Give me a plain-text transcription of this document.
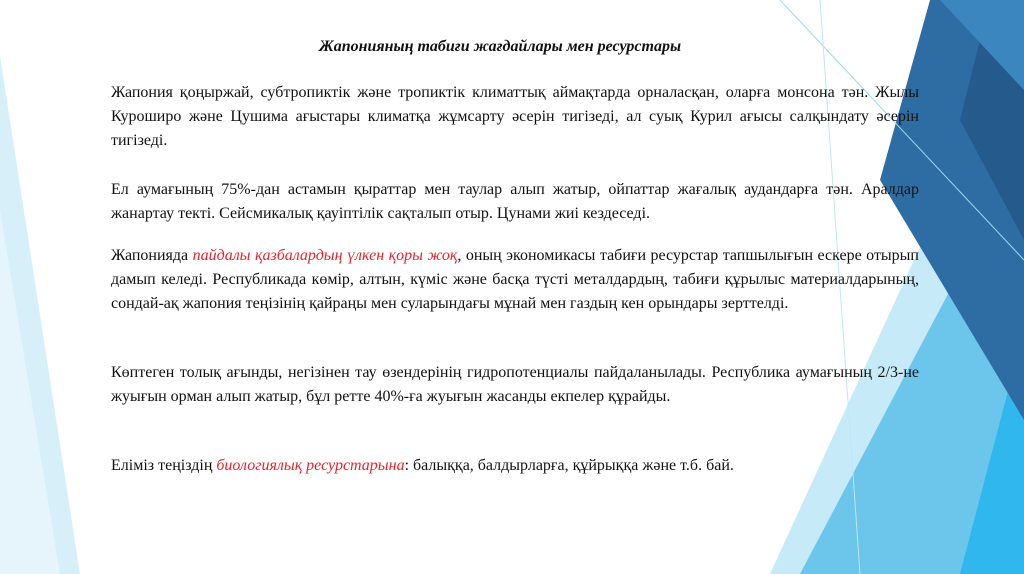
Жапонияның табиғи жағдайлары мен ресурстары

Жапония қоңыржай, субтропиктік және тропиктік климаттық аймақтарда орналасқан, оларға монсона тән. Жылы Куроширо және Цушима ағыстары климатқа жұмсарту әсерін тигізеді, ал суық Курил ағысы салқындату әсерін тигізеді.

Ел аумағының 75%-дан астамын қыраттар мен таулар алып жатыр, ойпаттар жағалық аудандарға тән. Аралдар жанартау текті. Сейсмикалық қауіптілік сақталып отыр. Цунами жиі кездеседі.

Жапонияда пайдалы қазбалардың үлкен қоры жоқ, оның экономикасы табиғи ресурстар тапшылығын ескере отырып дамып келеді. Республикада көмір, алтын, күміс және басқа түсті металдардың, табиғи құрылыс материалдарының, сондай-ақ жапония теңізінің қайраңы мен суларындағы мұнай мен газдың кен орындары зерттелді.

Көптеген толық ағынды, негізінен тау өзендерінің гидропотенциалы пайдаланылады. Республика аумағының 2/3-не жуығын орман алып жатыр, бұл ретте 40%-ға жуығын жасанды екпелер құрайды.

Еліміз теңіздің биологиялық ресурстарына: балыққа, балдырларға, құйрыққа және т.б. бай.
